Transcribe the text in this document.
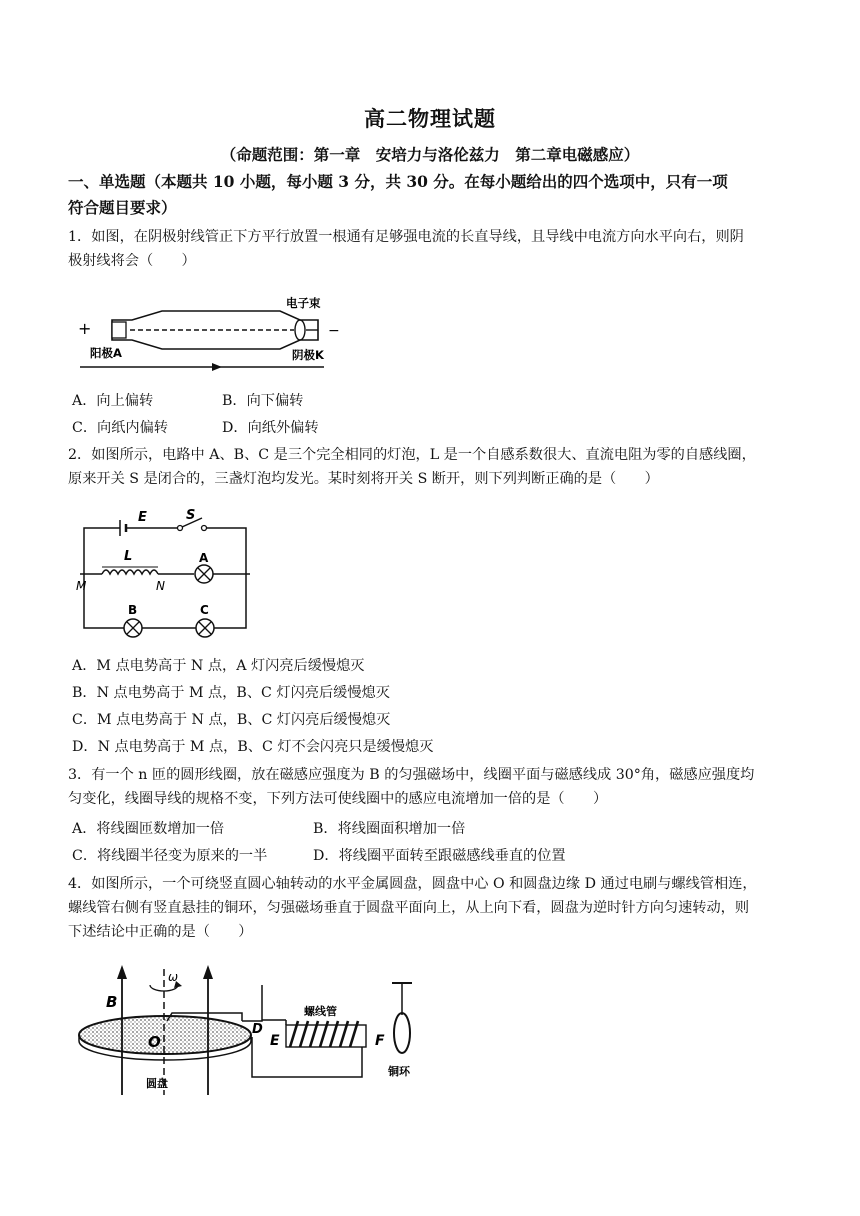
高二物理试题
（命题范围：第一章　安培力与洛伦兹力　第二章电磁感应）
一、单选题（本题共 10 小题，每小题 3 分，共 30 分。在每小题给出的四个选项中，只有一项
符合题目要求）
1．如图，在阴极射线管正下方平行放置一根通有足够强电流的长直导线，且导线中电流方向水平向右，则阴
极射线将会（　　）
+	−
阳极A	阴极K
电子束
A．向上偏转	B．向下偏转
C．向纸内偏转	D．向纸外偏转
2．如图所示，电路中 A、B、C 是三个完全相同的灯泡，L 是一个自感系数很大、直流电阻为零的自感线圈，
原来开关 S 是闭合的，三盏灯泡均发光。某时刻将开关 S 断开，则下列判断正确的是（　　）
E	S
L	A
M	N
B	C
A．M 点电势高于 N 点，A 灯闪亮后缓慢熄灭
B．N 点电势高于 M 点，B、C 灯闪亮后缓慢熄灭
C．M 点电势高于 N 点，B、C 灯闪亮后缓慢熄灭
D．N 点电势高于 M 点，B、C 灯不会闪亮只是缓慢熄灭
3．有一个 n 匝的圆形线圈，放在磁感应强度为 B 的匀强磁场中，线圈平面与磁感线成 30°角，磁感应强度均
匀变化，线圈导线的规格不变，下列方法可使线圈中的感应电流增加一倍的是（　　）
A．将线圈匝数增加一倍	B．将线圈面积增加一倍
C．将线圈半径变为原来的一半	D．将线圈平面转至跟磁感线垂直的位置
4．如图所示，一个可绕竖直圆心轴转动的水平金属圆盘，圆盘中心 O 和圆盘边缘 D 通过电刷与螺线管相连，
螺线管右侧有竖直悬挂的铜环，匀强磁场垂直于圆盘平面向上，从上向下看，圆盘为逆时针方向匀速转动，则
下述结论中正确的是（　　）
B
ω
O
D
E	F
螺线管
圆盘
铜环
